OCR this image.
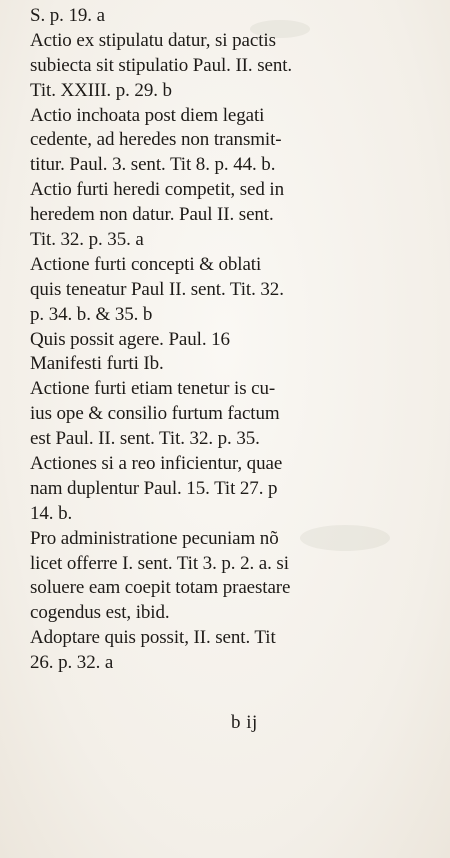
S. p. 19. a
Actio ex stipulatu datur, si pactis
subiecta sit stipulatio Paul. II. sent.
Tit. XXIII. p. 29. b
Actio inchoata post diem legati
cedente, ad heredes non transmit-
titur. Paul. 3. sent. Tit 8. p. 44. b.
Actio furti heredi competit, sed in
heredem non datur. Paul II. sent.
Tit. 32. p. 35. a
Actione furti concepti & oblati
quis teneatur Paul II. sent. Tit. 32.
p. 34. b. & 35. b
Quis possit agere. Paul. 16
Manifesti furti Ib.
Actione furti etiam tenetur is cu-
ius ope & consilio furtum factum
est Paul. II. sent. Tit. 32. p. 35.
Actiones si a reo inficientur, quae
nam duplentur Paul. 15. Tit 27. p
14. b.
Pro administratione pecuniam nõ
licet offerre I. sent. Tit 3. p. 2. a. si
soluere eam coepit totam praestare
cogendus est, ibid.
Adoptare quis possit, II. sent. Tit
26. p. 32. a
b ij
